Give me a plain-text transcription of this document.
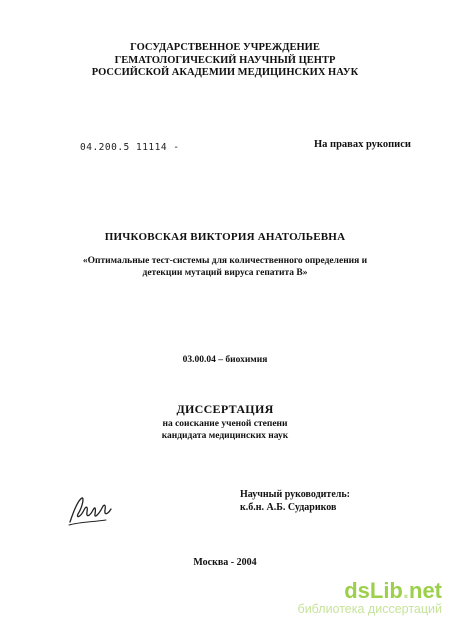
ГОСУДАРСТВЕННОЕ УЧРЕЖДЕНИЕ
ГЕМАТОЛОГИЧЕСКИЙ НАУЧНЫЙ ЦЕНТР
РОССИЙСКОЙ АКАДЕМИИ МЕДИЦИНСКИХ НАУК
04.200.5 11114 -	На правах рукописи
ПИЧКОВСКАЯ ВИКТОРИЯ АНАТОЛЬЕВНА
«Оптимальные тест-системы для количественного определения и
детекции мутаций вируса гепатита В»
03.00.04 – биохимия
ДИССЕРТАЦИЯ
на соискание ученой степени
кандидата медицинских наук
Научный руководитель:
к.б.н. А.Б. Судариков
Москва - 2004
dsLib.net
библиотека диссертаций
